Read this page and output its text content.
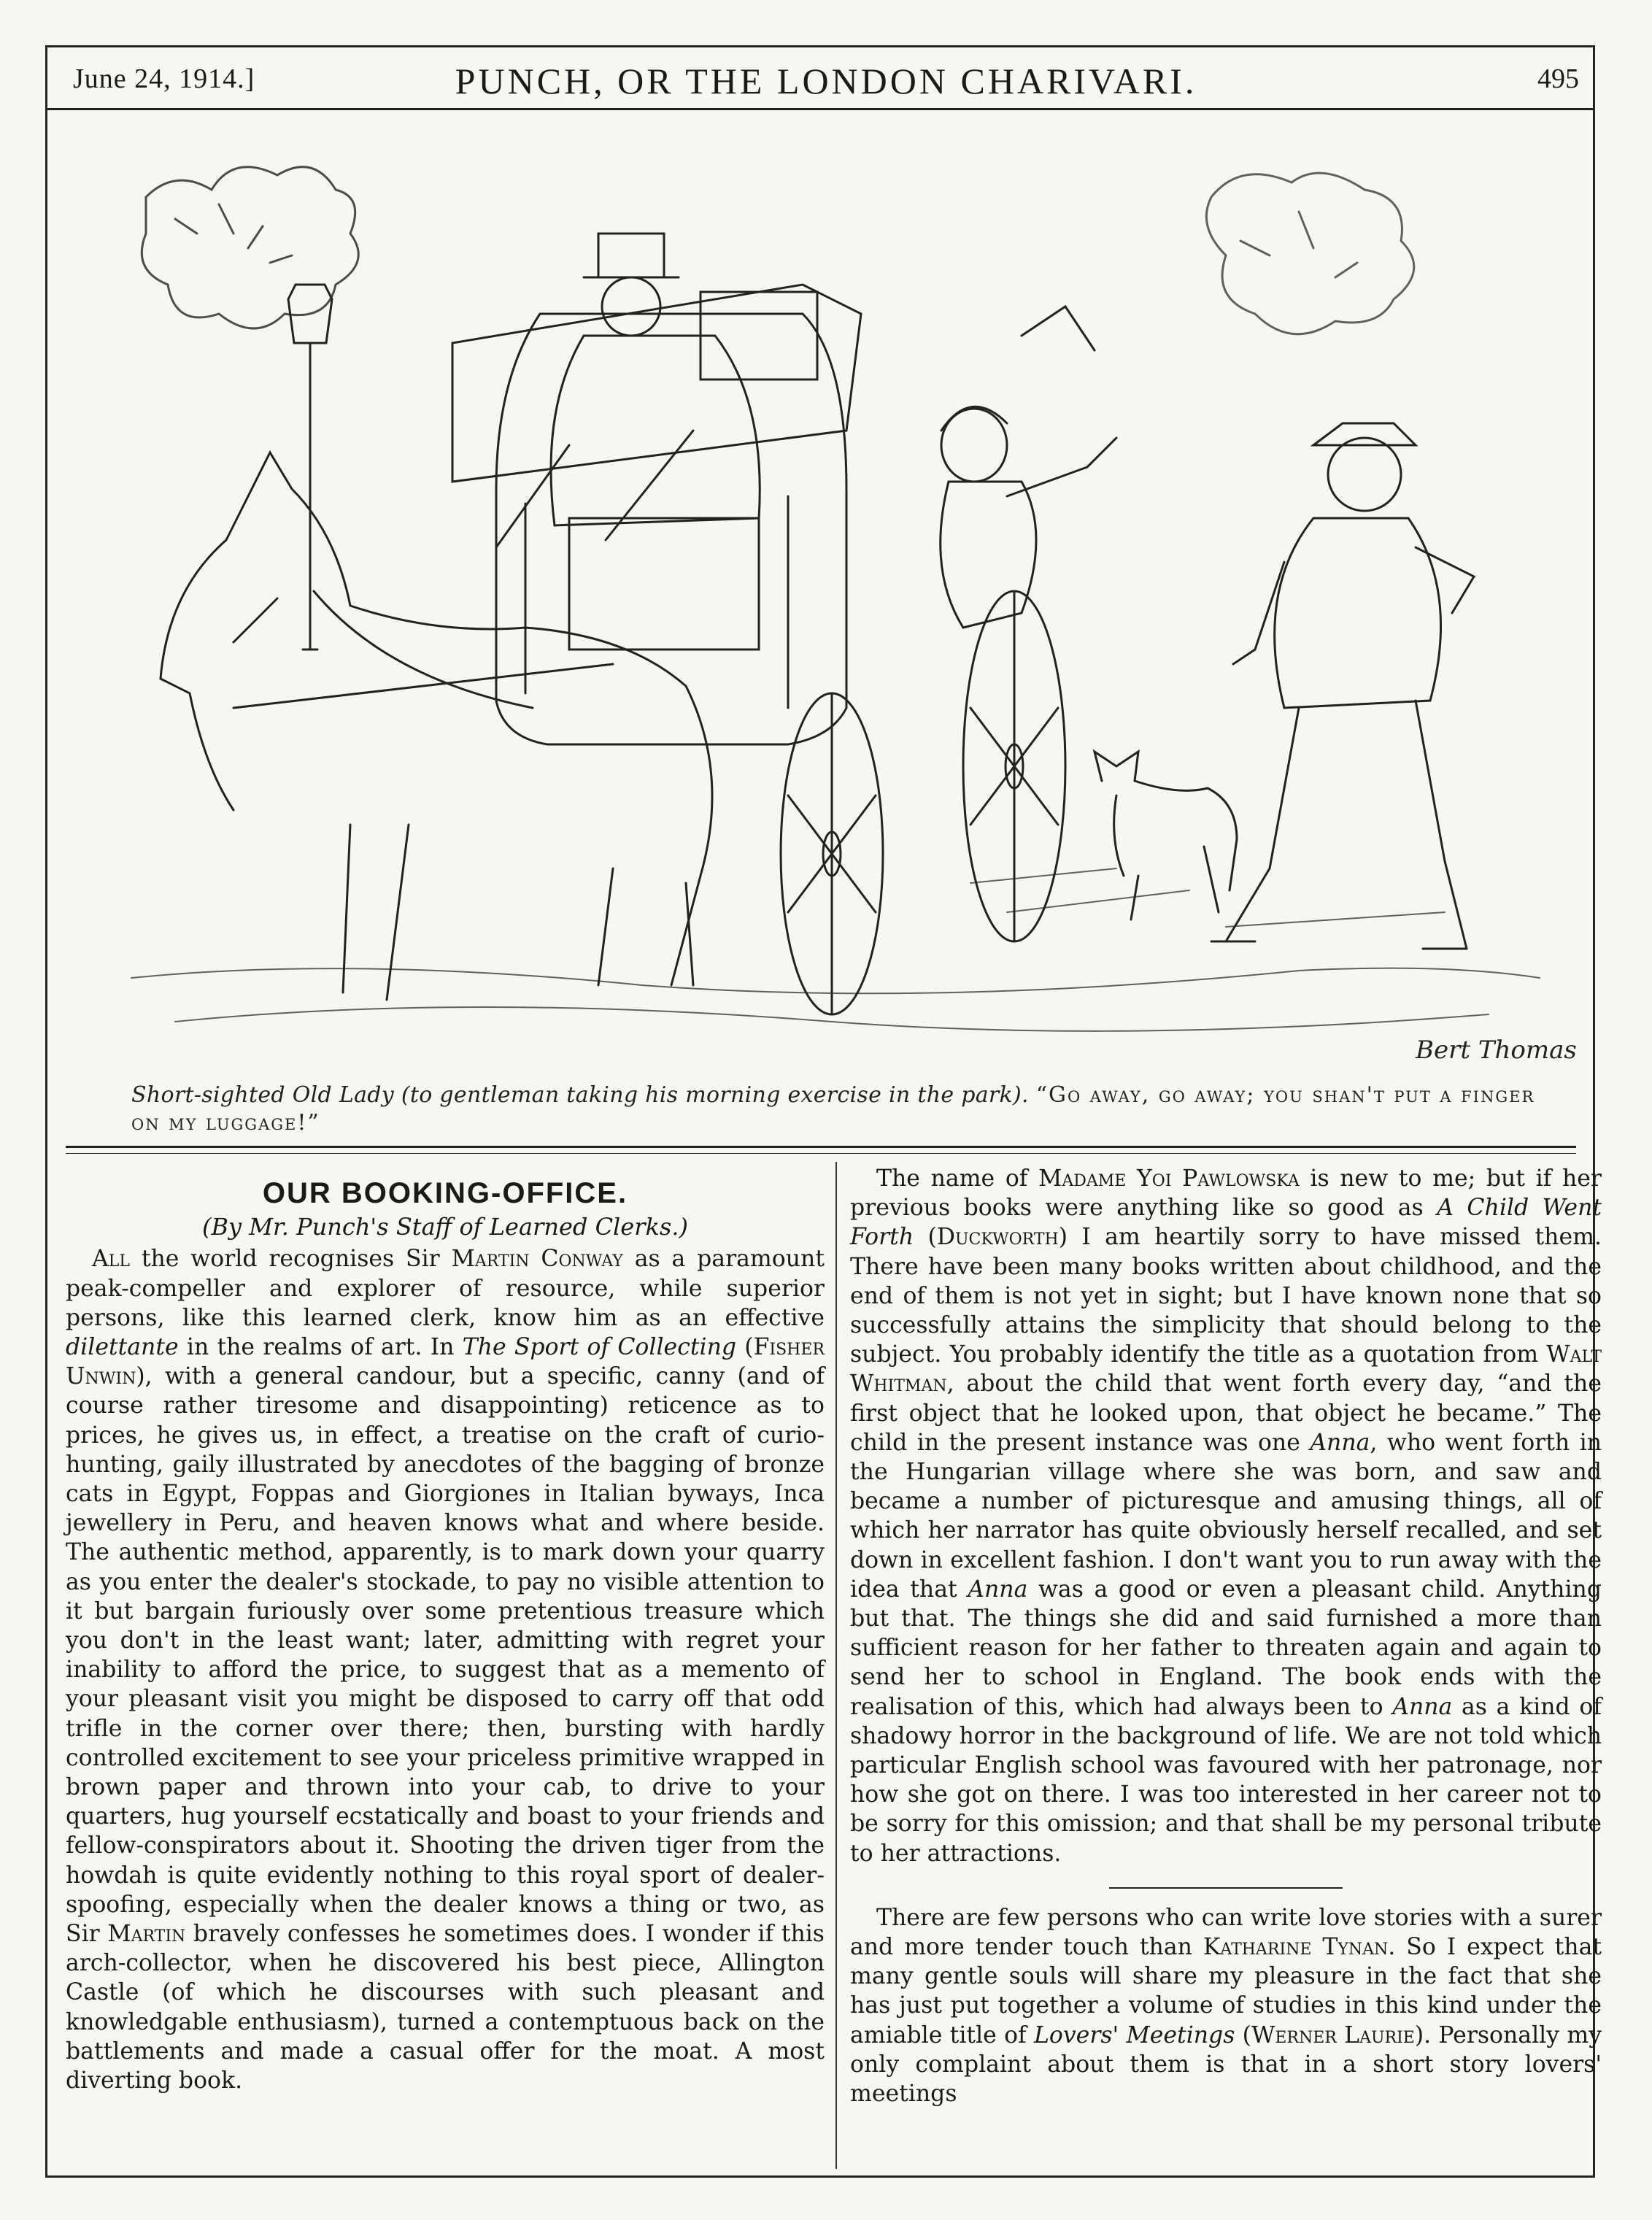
June 24, 1914.]	PUNCH, OR THE LONDON CHARIVARI.	495
Bert Thomas
Short-sighted Old Lady (to gentleman taking his morning exercise in the park). “Go away, go away; you shan't put a finger on my luggage!”
OUR BOOKING-OFFICE.
(By Mr. Punch's Staff of Learned Clerks.)

All the world recognises Sir Martin Conway as a paramount peak-compeller and explorer of resource, while superior persons, like this learned clerk, know him as an effective dilettante in the realms of art. In The Sport of Collecting (Fisher Unwin), with a general candour, but a specific, canny (and of course rather tiresome and disappointing) reticence as to prices, he gives us, in effect, a treatise on the craft of curio-hunting, gaily illustrated by anecdotes of the bagging of bronze cats in Egypt, Foppas and Giorgiones in Italian byways, Inca jewellery in Peru, and heaven knows what and where beside. The authentic method, apparently, is to mark down your quarry as you enter the dealer's stockade, to pay no visible attention to it but bargain furiously over some pretentious treasure which you don't in the least want; later, admitting with regret your inability to afford the price, to suggest that as a memento of your pleasant visit you might be disposed to carry off that odd trifle in the corner over there; then, bursting with hardly controlled excitement to see your priceless primitive wrapped in brown paper and thrown into your cab, to drive to your quarters, hug yourself ecstatically and boast to your friends and fellow-conspirators about it. Shooting the driven tiger from the howdah is quite evidently nothing to this royal sport of dealer-spoofing, especially when the dealer knows a thing or two, as Sir Martin bravely confesses he sometimes does. I wonder if this arch-collector, when he discovered his best piece, Allington Castle (of which he discourses with such pleasant and knowledgable enthusiasm), turned a contemptuous back on the battlements and made a casual offer for the moat. A most diverting book.

The name of Madame Yoi Pawlowska is new to me; but if her previous books were anything like so good as A Child Went Forth (Duckworth) I am heartily sorry to have missed them. There have been many books written about childhood, and the end of them is not yet in sight; but I have known none that so successfully attains the simplicity that should belong to the subject. You probably identify the title as a quotation from Walt Whitman, about the child that went forth every day, “and the first object that he looked upon, that object he became.” The child in the present instance was one Anna, who went forth in the Hungarian village where she was born, and saw and became a number of picturesque and amusing things, all of which her narrator has quite obviously herself recalled, and set down in excellent fashion. I don't want you to run away with the idea that Anna was a good or even a pleasant child. Anything but that. The things she did and said furnished a more than sufficient reason for her father to threaten again and again to send her to school in England. The book ends with the realisation of this, which had always been to Anna as a kind of shadowy horror in the background of life. We are not told which particular English school was favoured with her patronage, nor how she got on there. I was too interested in her career not to be sorry for this omission; and that shall be my personal tribute to her attractions.

There are few persons who can write love stories with a surer and more tender touch than Katharine Tynan. So I expect that many gentle souls will share my pleasure in the fact that she has just put together a volume of studies in this kind under the amiable title of Lovers' Meetings (Werner Laurie). Personally my only complaint about them is that in a short story lovers' meetings
